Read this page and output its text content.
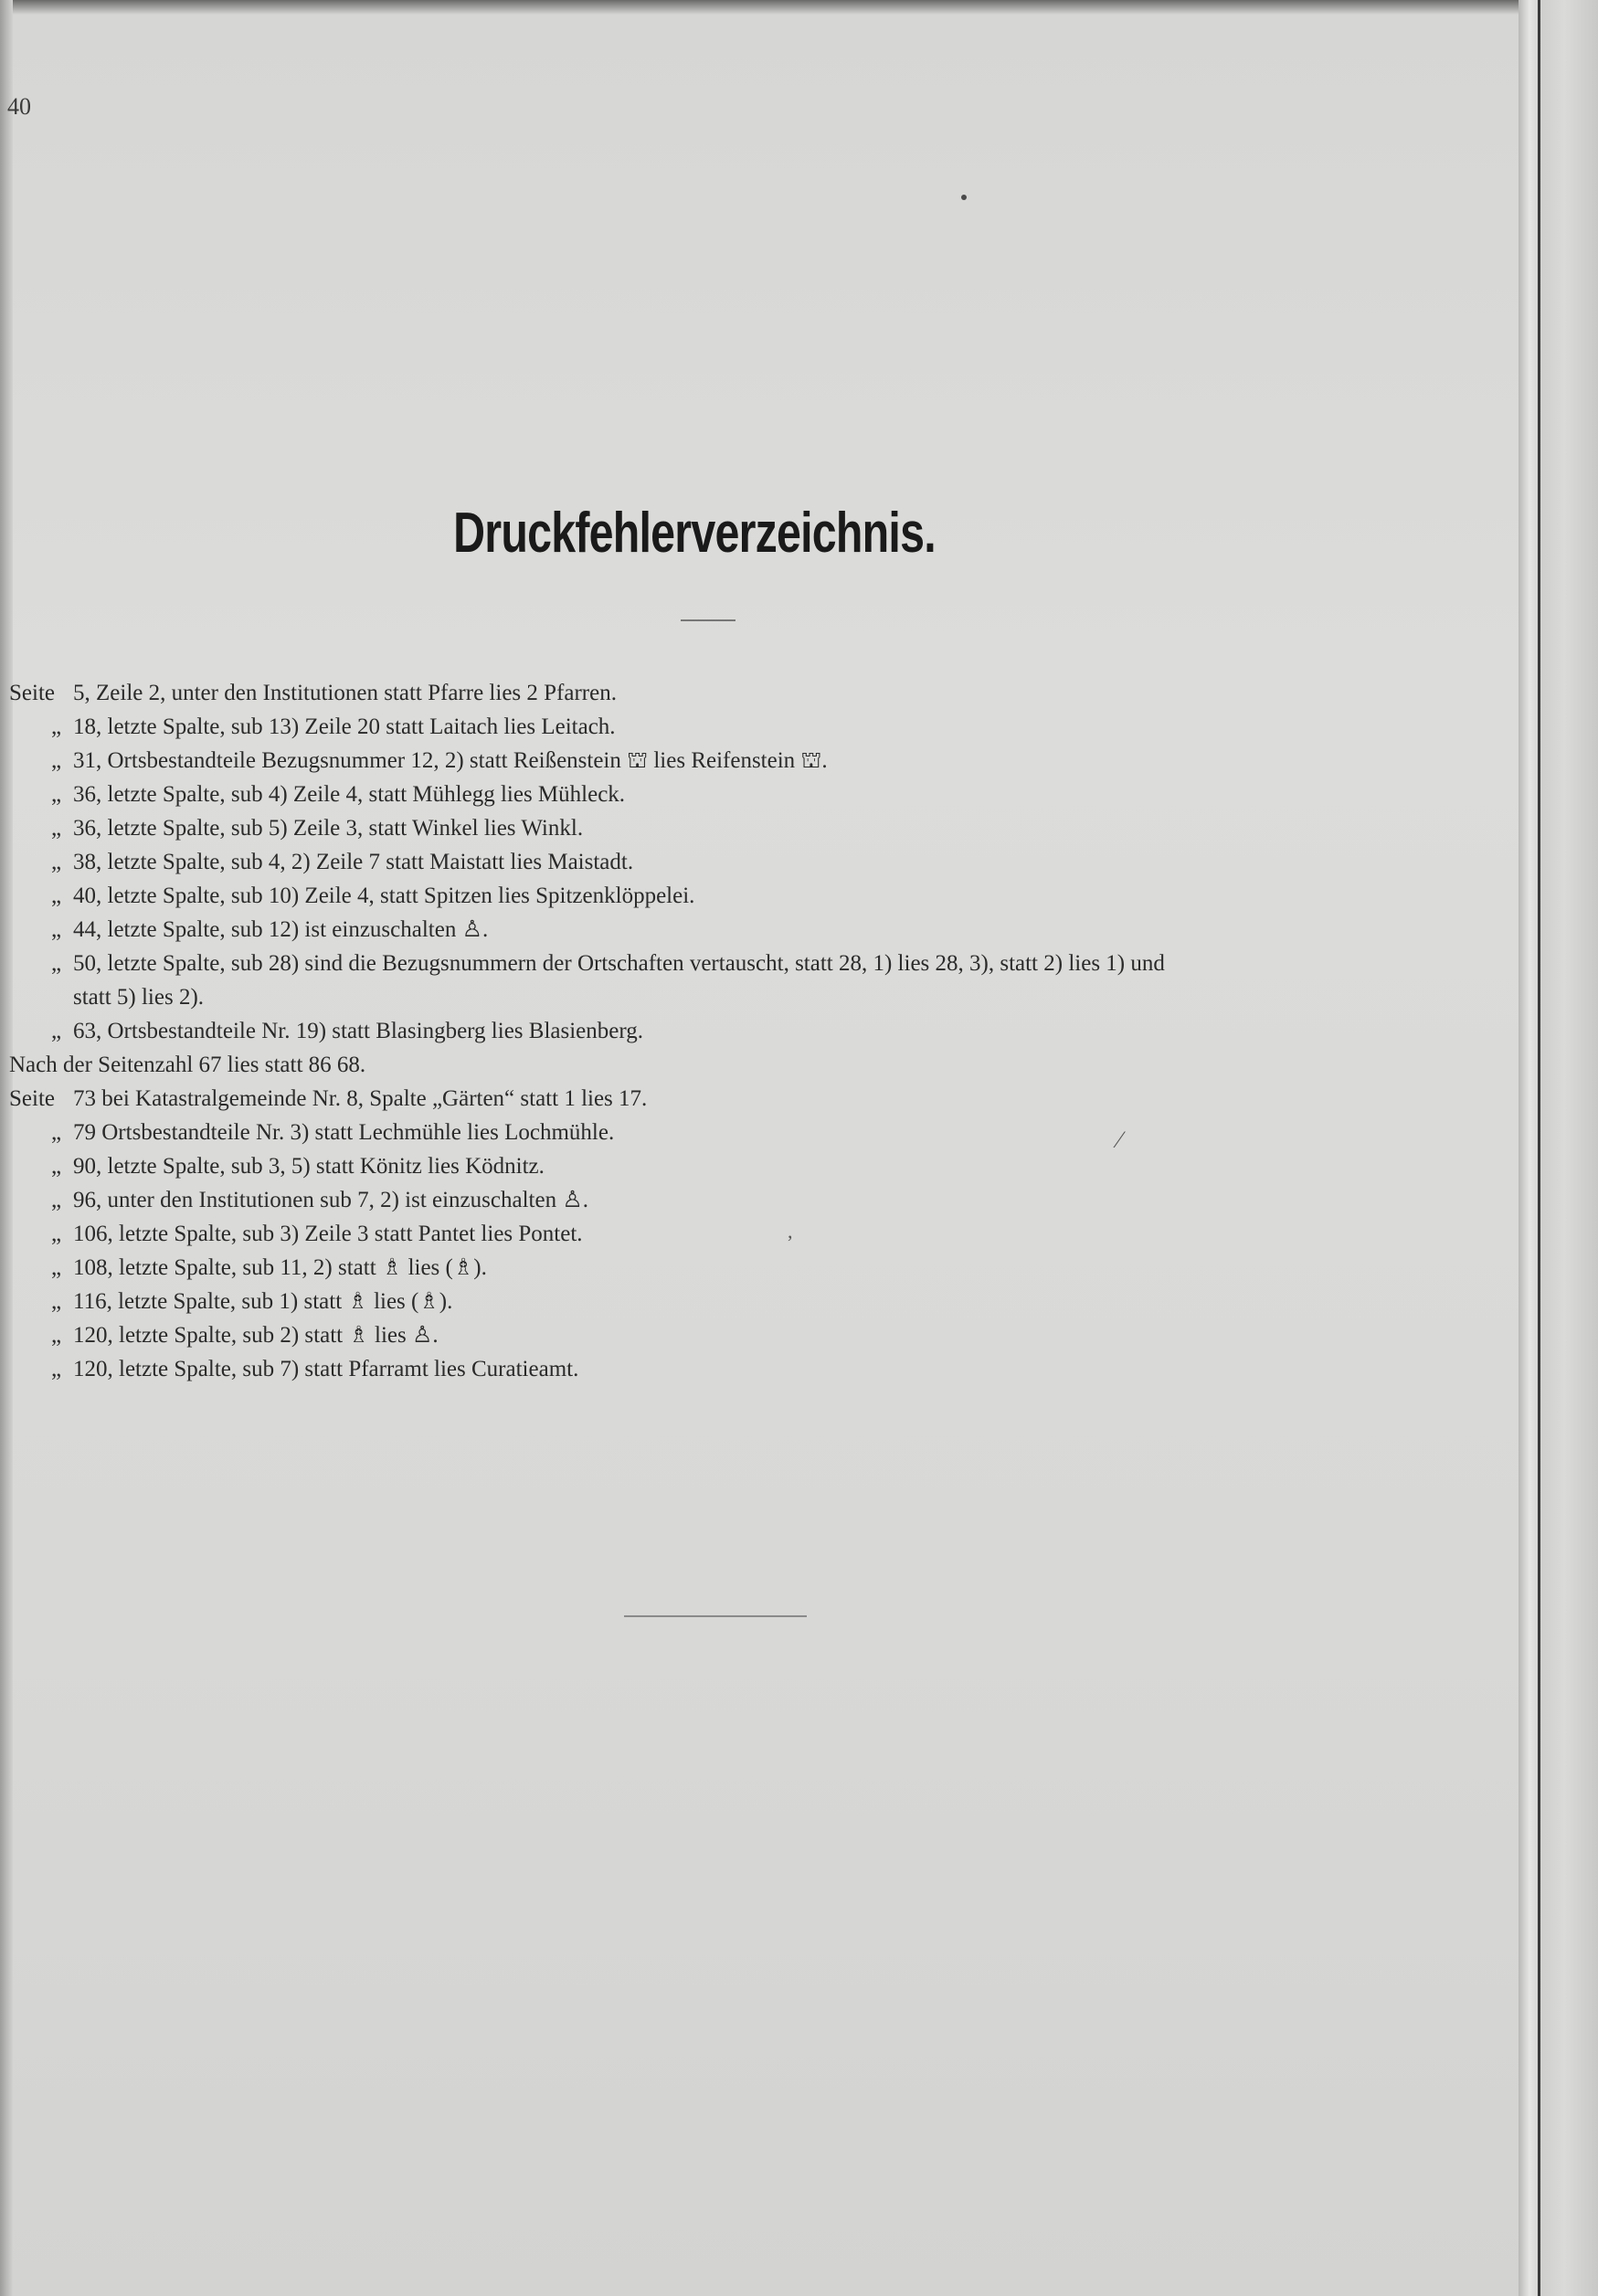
⁄
,
40
Druckfehlerverzeichnis.
Seite 5, Zeile 2, unter den Institutionen statt Pfarre lies 2 Pfarren.
„ 18, letzte Spalte, sub 13) Zeile 20 statt Laitach lies Leitach.
„ 31, Ortsbestandteile Bezugsnummer 12, 2) statt Reißenstein ⛫ lies Reifenstein ⛫.
„ 36, letzte Spalte, sub 4) Zeile 4, statt Mühlegg lies Mühleck.
„ 36, letzte Spalte, sub 5) Zeile 3, statt Winkel lies Winkl.
„ 38, letzte Spalte, sub 4, 2) Zeile 7 statt Maistatt lies Maistadt.
„ 40, letzte Spalte, sub 10) Zeile 4, statt Spitzen lies Spitzenklöppelei.
„ 44, letzte Spalte, sub 12) ist einzuschalten ♙.
„ 50, letzte Spalte, sub 28) sind die Bezugsnummern der Ortschaften vertauscht, statt 28, 1) lies 28, 3), statt 2) lies 1) und
statt 5) lies 2).
„ 63, Ortsbestandteile Nr. 19) statt Blasingberg lies Blasienberg.
Nach der Seitenzahl 67 lies statt 86 68.
Seite 73 bei Katastralgemeinde Nr. 8, Spalte „Gärten“ statt 1 lies 17.
„ 79 Ortsbestandteile Nr. 3) statt Lechmühle lies Lochmühle.
„ 90, letzte Spalte, sub 3, 5) statt Könitz lies Ködnitz.
„ 96, unter den Institutionen sub 7, 2) ist einzuschalten ♙.
„ 106, letzte Spalte, sub 3) Zeile 3 statt Pantet lies Pontet.
„ 108, letzte Spalte, sub 11, 2) statt ♗ lies (♗).
„ 116, letzte Spalte, sub 1) statt ♗ lies (♗).
„ 120, letzte Spalte, sub 2) statt ♗ lies ♙.
„ 120, letzte Spalte, sub 7) statt Pfarramt lies Curatieamt.
